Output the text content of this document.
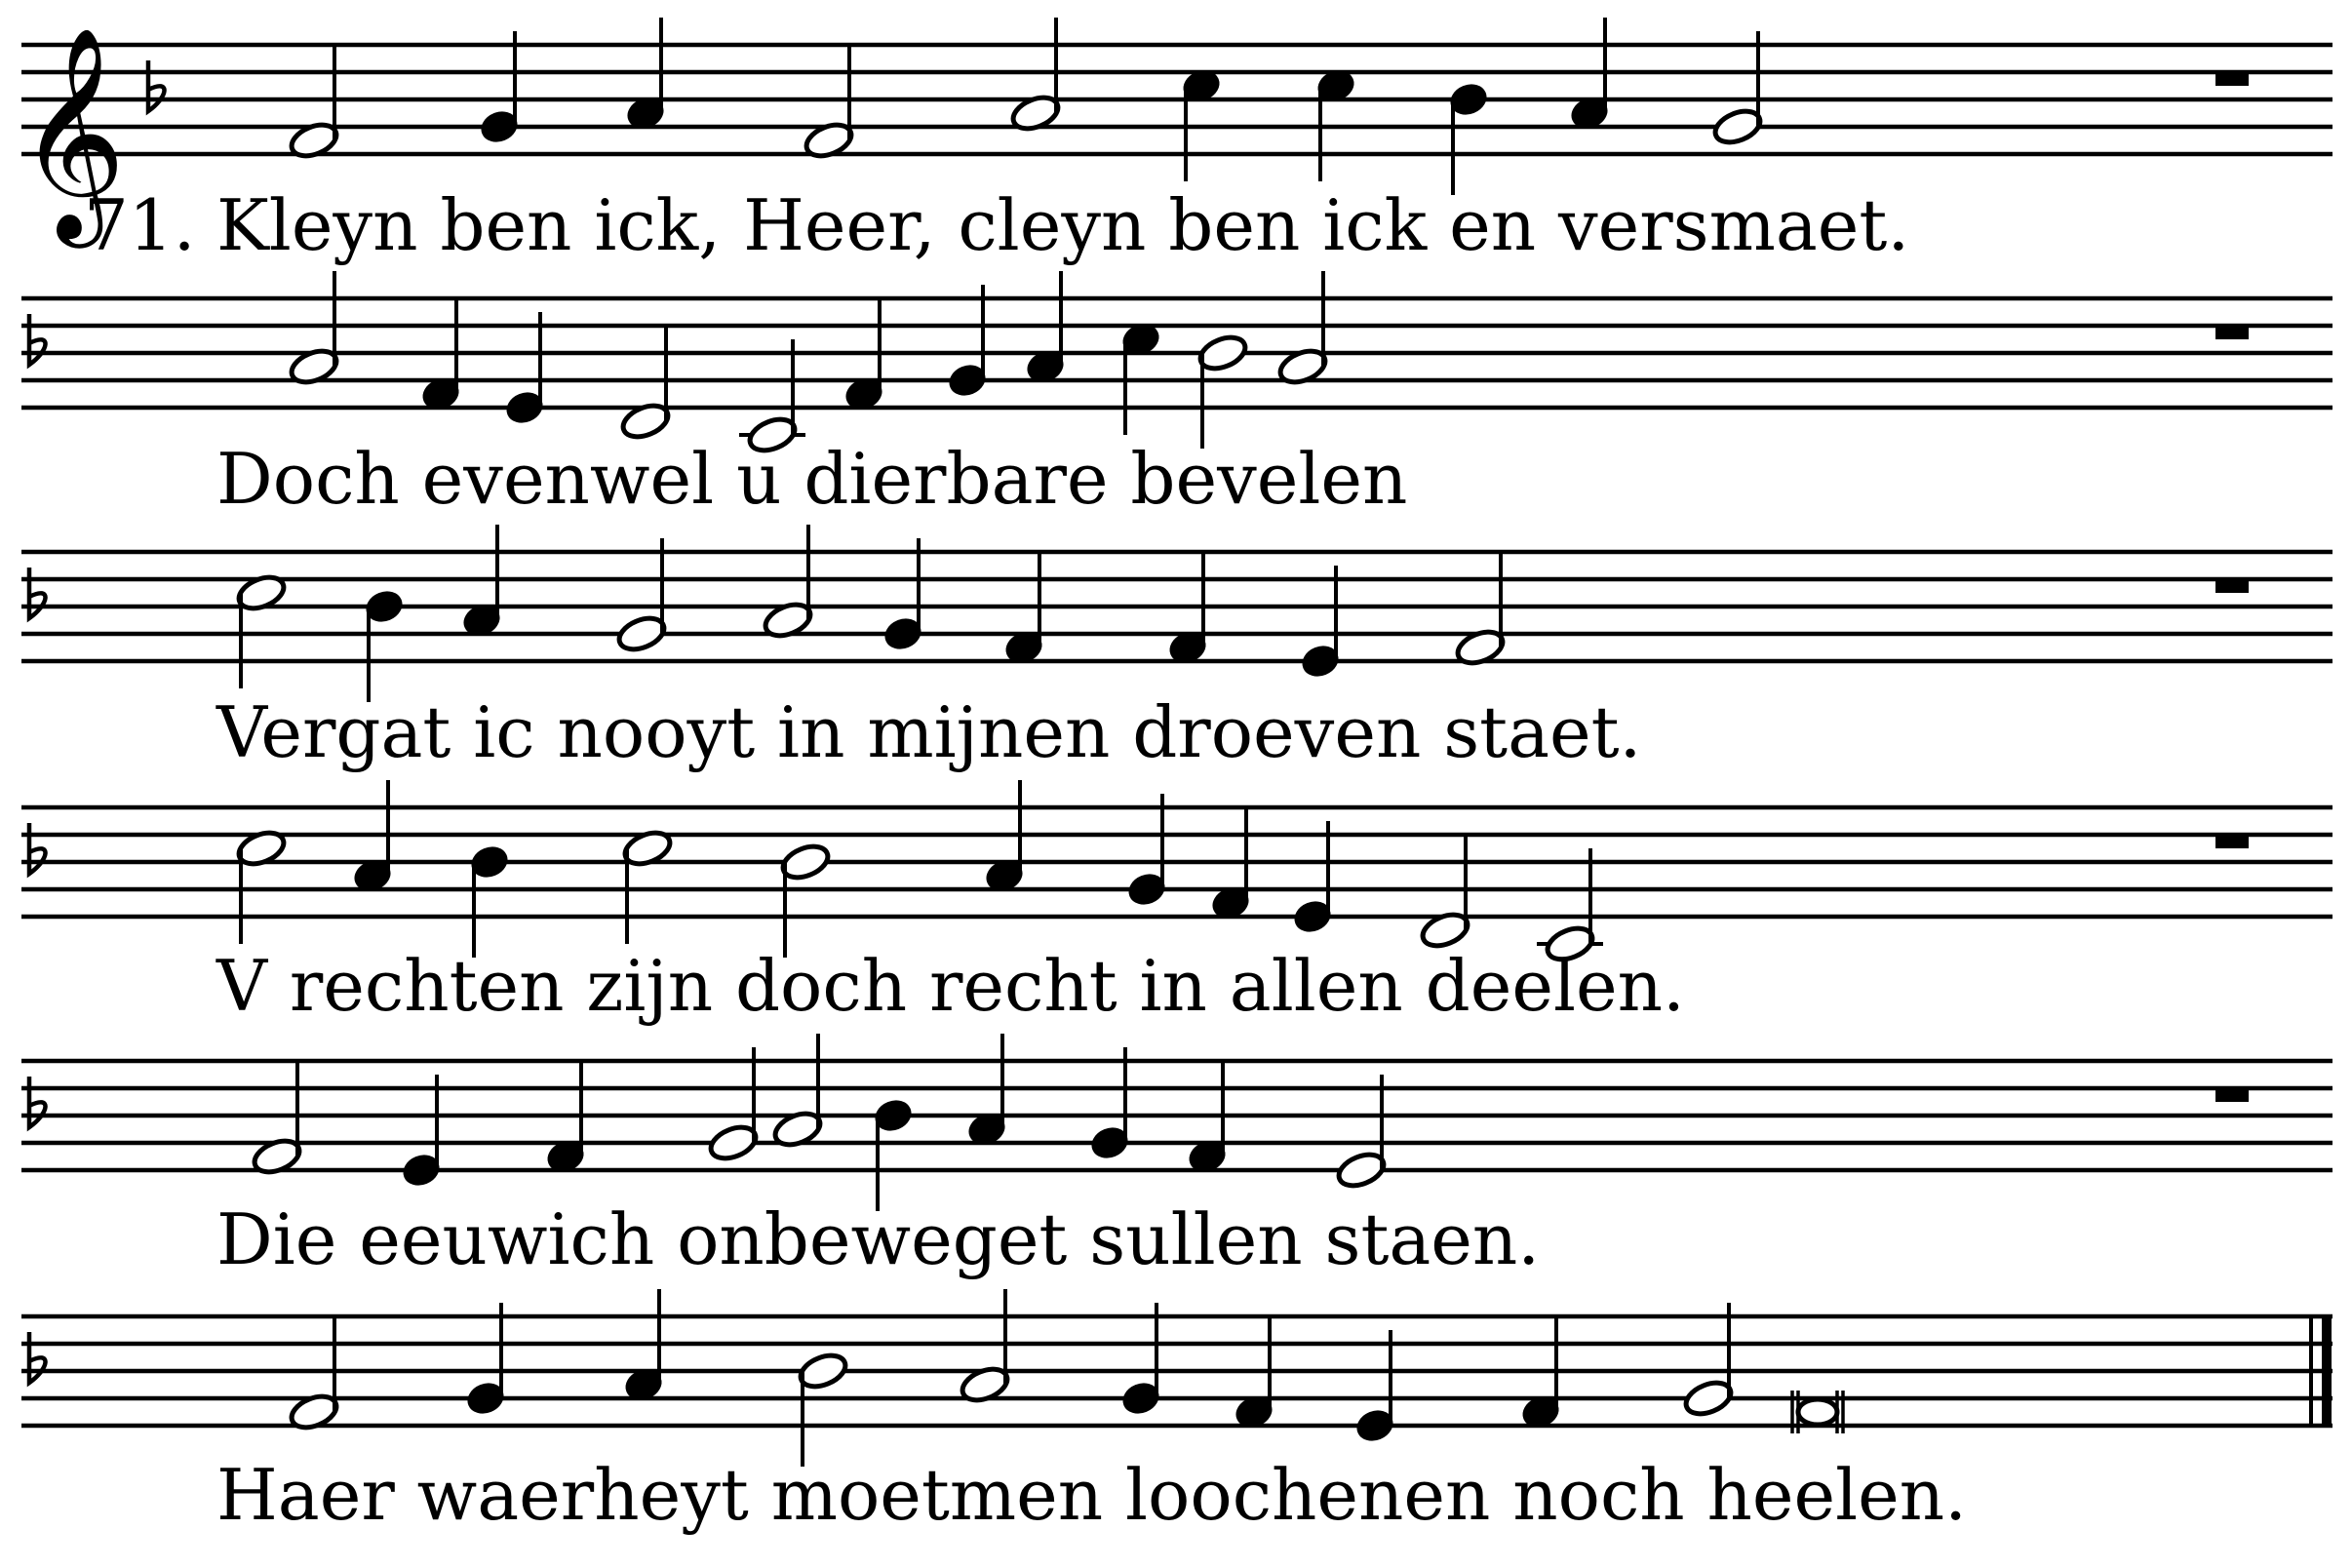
𝄞 Kleyn ben ick, Heer, cleyn ben ick en versmaet.
71.
Doch evenwel u dierbare bevelen
Vergat ic nooyt in mijnen droeven staet.
V rechten zijn doch recht in allen deelen.
Die eeuwich onbeweget sullen staen.
Haer waerheyt moetmen loochenen noch heelen.
